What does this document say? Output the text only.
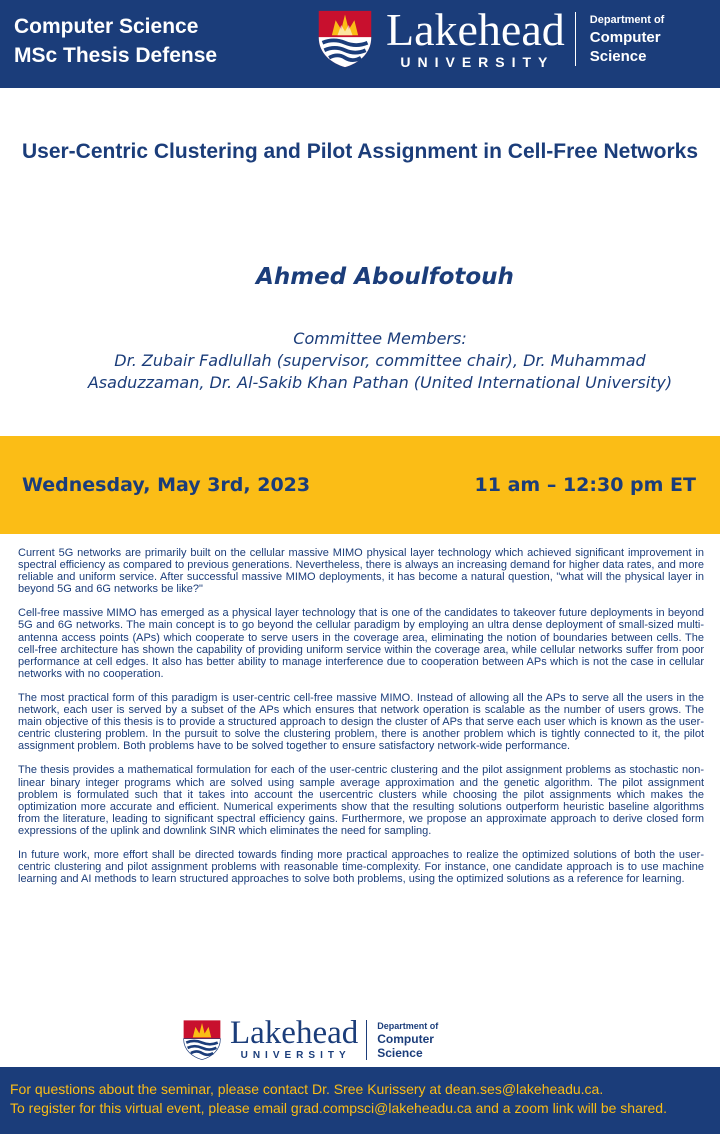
Computer Science
MSc Thesis Defense
Lakehead
UNIVERSITY
Department of
Computer
Science
User-Centric Clustering and Pilot Assignment in Cell-Free Networks
Ahmed Aboulfotouh
Committee Members:
Dr. Zubair Fadlullah (supervisor, committee chair), Dr. Muhammad Asaduzzaman, Dr. Al-Sakib Khan Pathan (United International University)
Wednesday, May 3rd, 2023	11 am – 12:30 pm ET

Current 5G networks are primarily built on the cellular massive MIMO physical layer technology which achieved significant improvement in spectral efficiency as compared to previous generations. Nevertheless, there is always an increasing demand for higher data rates, and more reliable and uniform service. After successful massive MIMO deployments, it has become a natural question, "what will the physical layer in beyond 5G and 6G networks be like?"

Cell-free massive MIMO has emerged as a physical layer technology that is one of the candidates to takeover future deployments in beyond 5G and 6G networks. The main concept is to go beyond the cellular paradigm by employing an ultra dense deployment of small-sized multi-antenna access points (APs) which cooperate to serve users in the coverage area, eliminating the notion of boundaries between cells. The cell-free architecture has shown the capability of providing uniform service within the coverage area, while cellular networks suffer from poor performance at cell edges. It also has better ability to manage interference due to cooperation between APs which is not the case in cellular networks with no cooperation.

The most practical form of this paradigm is user-centric cell-free massive MIMO. Instead of allowing all the APs to serve all the users in the network, each user is served by a subset of the APs which ensures that network operation is scalable as the number of users grows. The main objective of this thesis is to provide a structured approach to design the cluster of APs that serve each user which is known as the user-centric clustering problem. In the pursuit to solve the clustering problem, there is another problem which is tightly connected to it, the pilot assignment problem. Both problems have to be solved together to ensure satisfactory network-wide performance.

The thesis provides a mathematical formulation for each of the user-centric clustering and the pilot assignment problems as stochastic non-linear binary integer programs which are solved using sample average approximation and the genetic algorithm. The pilot assignment problem is formulated such that it takes into account the usercentric clusters while choosing the pilot assignments which makes the optimization more accurate and efficient. Numerical experiments show that the resulting solutions outperform heuristic baseline algorithms from the literature, leading to significant spectral efficiency gains. Furthermore, we propose an approximate approach to derive closed form expressions of the uplink and downlink SINR which eliminates the need for sampling.

In future work, more effort shall be directed towards finding more practical approaches to realize the optimized solutions of both the user-centric clustering and pilot assignment problems with reasonable time-complexity. For instance, one candidate approach is to use machine learning and AI methods to learn structured approaches to solve both problems, using the optimized solutions as a reference for learning.

Lakehead
UNIVERSITY
Department of
Computer
Science
For questions about the seminar, please contact Dr. Sree Kurissery at dean.ses@lakeheadu.ca.
To register for this virtual event, please email grad.compsci@lakeheadu.ca and a zoom link will be shared.
